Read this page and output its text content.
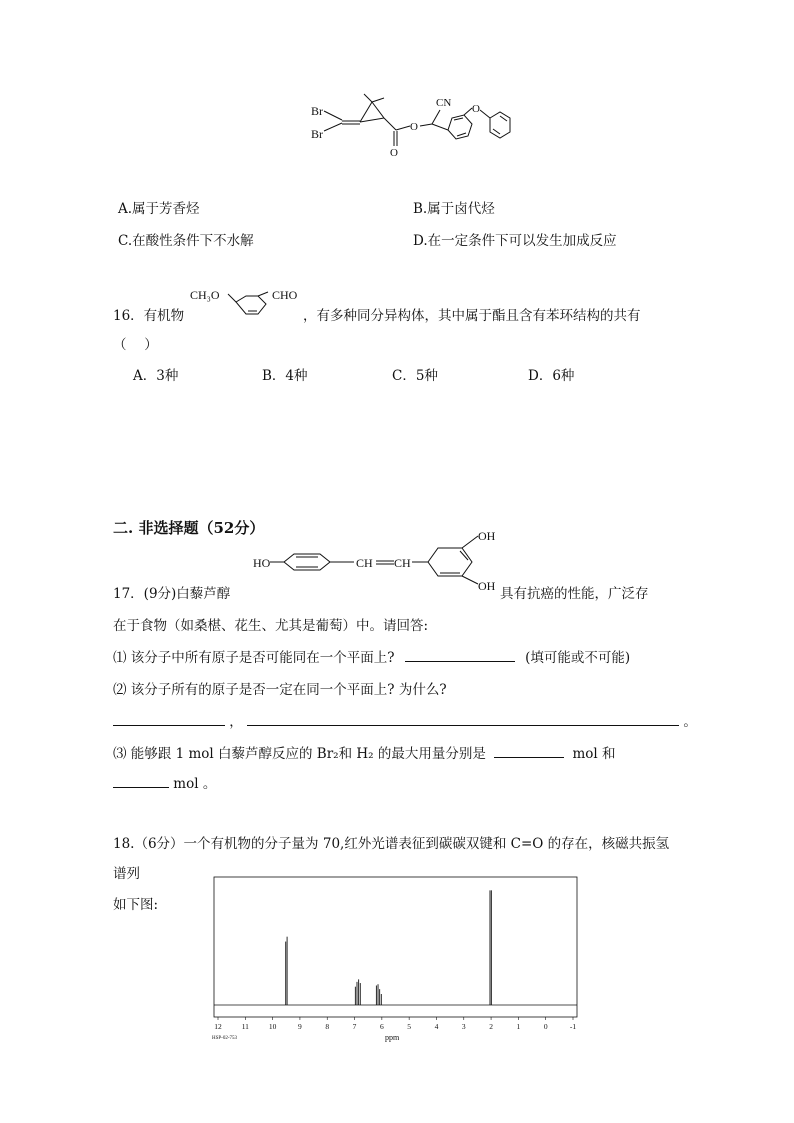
Br
Br
CN
O
O
O
A.属于芳香烃	B.属于卤代烃
C.在酸性条件下不水解	D.在一定条件下可以发生加成反应
CH₃O	CHO
16．有机物	，有多种同分异构体，其中属于酯且含有苯环结构的共有
（　 ）
A．3种	B．4种	C．5种	D．6种
二. 非选择题（52分）
HO	CH CH
OH
OH
17．(9分)白藜芦醇	具有抗癌的性能，广泛存
在于食物（如桑椹、花生、尤其是葡萄）中。请回答:
⑴ 该分子中所有原子是否可能同在一个平面上?	(填可能或不可能)
⑵ 该分子所有的原子是否一定在同一个平面上? 为什么?
，	。
⑶ 能够跟 1 mol 白藜芦醇反应的 Br₂和 H₂ 的最大用量分别是	mol 和
mol 。
18.（6分）一个有机物的分子量为 70,红外光谱表征到碳碳双键和 C=O 的存在，核磁共振氢
谱列
如下图:
12	11	10	9	8	7	6	5	4	3	2	1	0	-1
ppm
HSP-02-753
